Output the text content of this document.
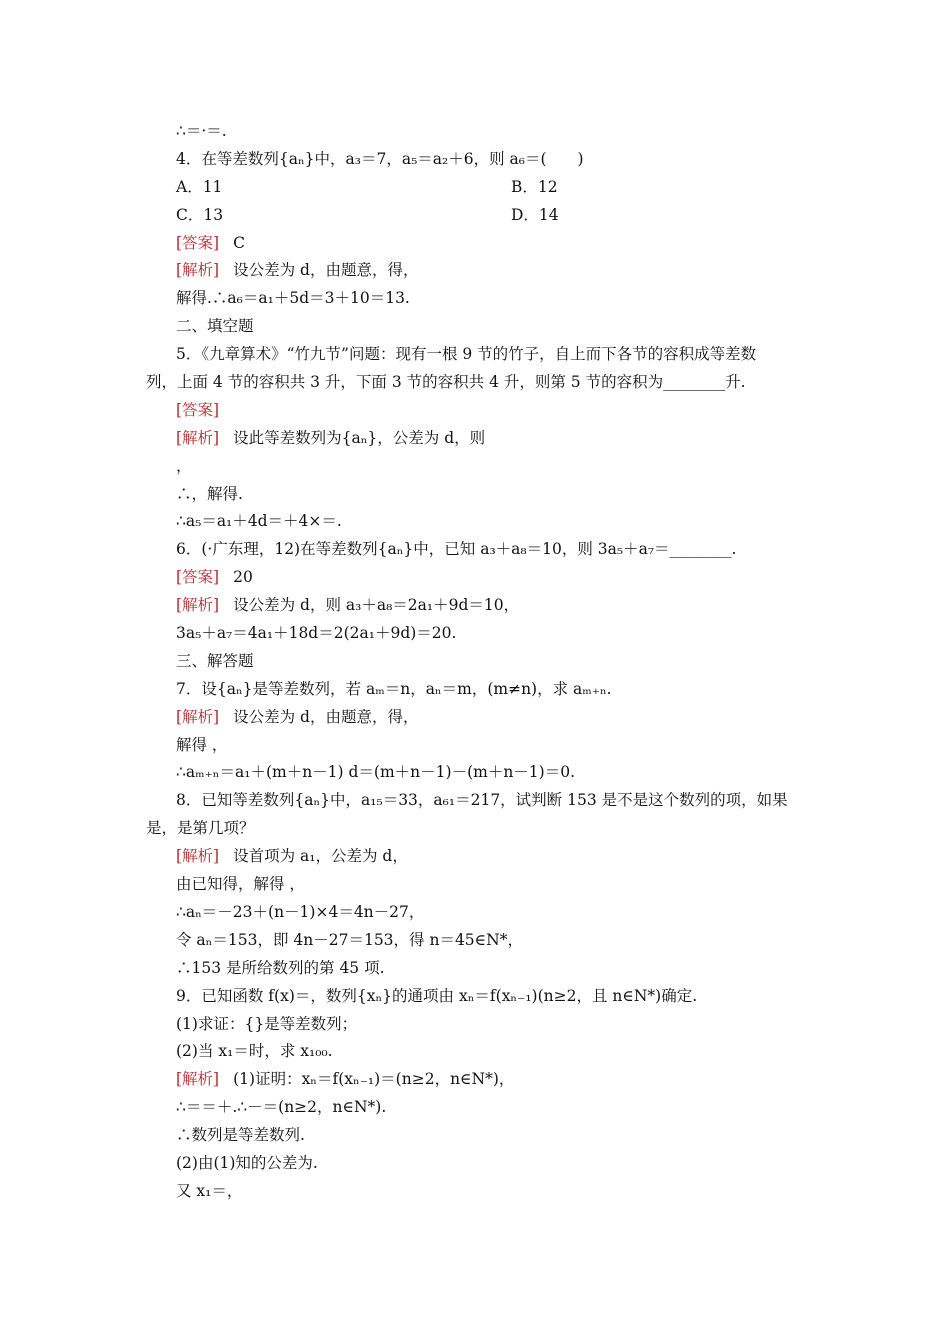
∴＝·＝.
4．在等差数列{aₙ}中，a₃＝7，a₅＝a₂＋6，则 a₆＝(　　)
A．11	B．12
C．13	D．14
[答案] C
[解析] 设公差为 d，由题意，得，
解得.∴a₆＝a₁＋5d＝3＋10＝13.
二、填空题
5．《九章算术》“竹九节”问题：现有一根 9 节的竹子，自上而下各节的容积成等差数
列，上面 4 节的容积共 3 升，下面 3 节的容积共 4 升，则第 5 节的容积为________升.
[答案]
[解析] 设此等差数列为{aₙ}，公差为 d，则
，
∴，解得.
∴a₅＝a₁＋4d＝＋4×＝.
6．(·广东理，12)在等差数列{aₙ}中，已知 a₃＋a₈＝10，则 3a₅＋a₇＝________.
[答案] 20
[解析] 设公差为 d，则 a₃＋a₈＝2a₁＋9d＝10，
3a₅＋a₇＝4a₁＋18d＝2(2a₁＋9d)＝20.
三、解答题
7．设{aₙ}是等差数列，若 aₘ＝n，aₙ＝m，(m≠n)，求 aₘ₊ₙ.
[解析] 设公差为 d，由题意，得，
解得 ，
∴aₘ₊ₙ＝a₁＋(m＋n－1) d＝(m＋n－1)－(m＋n－1)＝0.
8．已知等差数列{aₙ}中，a₁₅＝33，a₆₁＝217，试判断 153 是不是这个数列的项，如果
是，是第几项？
[解析] 设首项为 a₁，公差为 d，
由已知得，解得 ，
∴aₙ＝－23＋(n－1)×4＝4n－27，
令 aₙ＝153，即 4n－27＝153，得 n＝45∈N*，
∴153 是所给数列的第 45 项.
9．已知函数 f(x)＝，数列{xₙ}的通项由 xₙ＝f(xₙ₋₁)(n≥2，且 n∈N*)确定.
(1)求证：{}是等差数列；
(2)当 x₁＝时，求 x₁₀₀.
[解析] (1)证明：xₙ＝f(xₙ₋₁)＝(n≥2，n∈N*)，
∴＝＝＋.∴－＝(n≥2，n∈N*).
∴数列是等差数列.
(2)由(1)知的公差为.
又 x₁＝，
